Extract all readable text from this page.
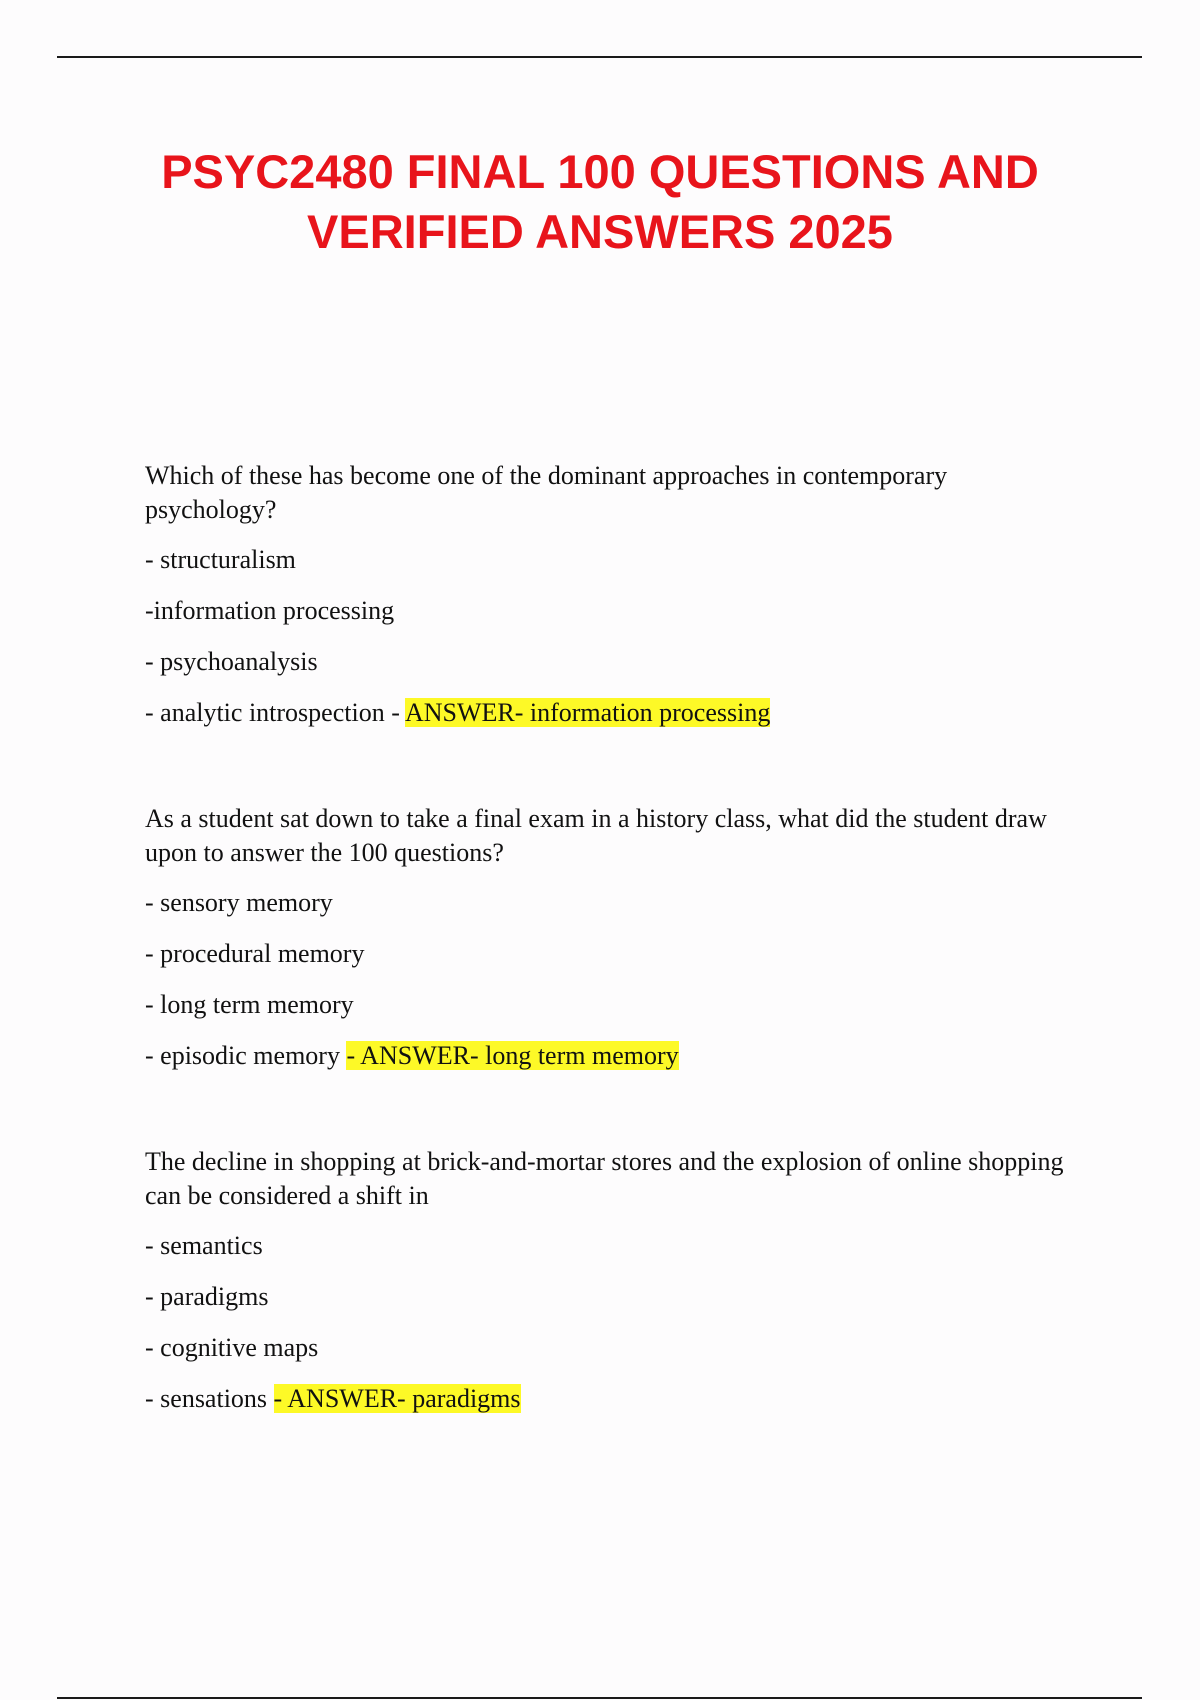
PSYC2480 FINAL 100 QUESTIONS AND
VERIFIED ANSWERS 2025

Which of these has become one of the dominant approaches in contemporary psychology?

- structuralism

-information processing

- psychoanalysis

- analytic introspection - ANSWER- information processing

As a student sat down to take a final exam in a history class, what did the student draw upon to answer the 100 questions?

- sensory memory

- procedural memory

- long term memory

- episodic memory - ANSWER- long term memory

The decline in shopping at brick-and-mortar stores and the explosion of online shopping can be considered a shift in

- semantics

- paradigms

- cognitive maps

- sensations - ANSWER- paradigms
